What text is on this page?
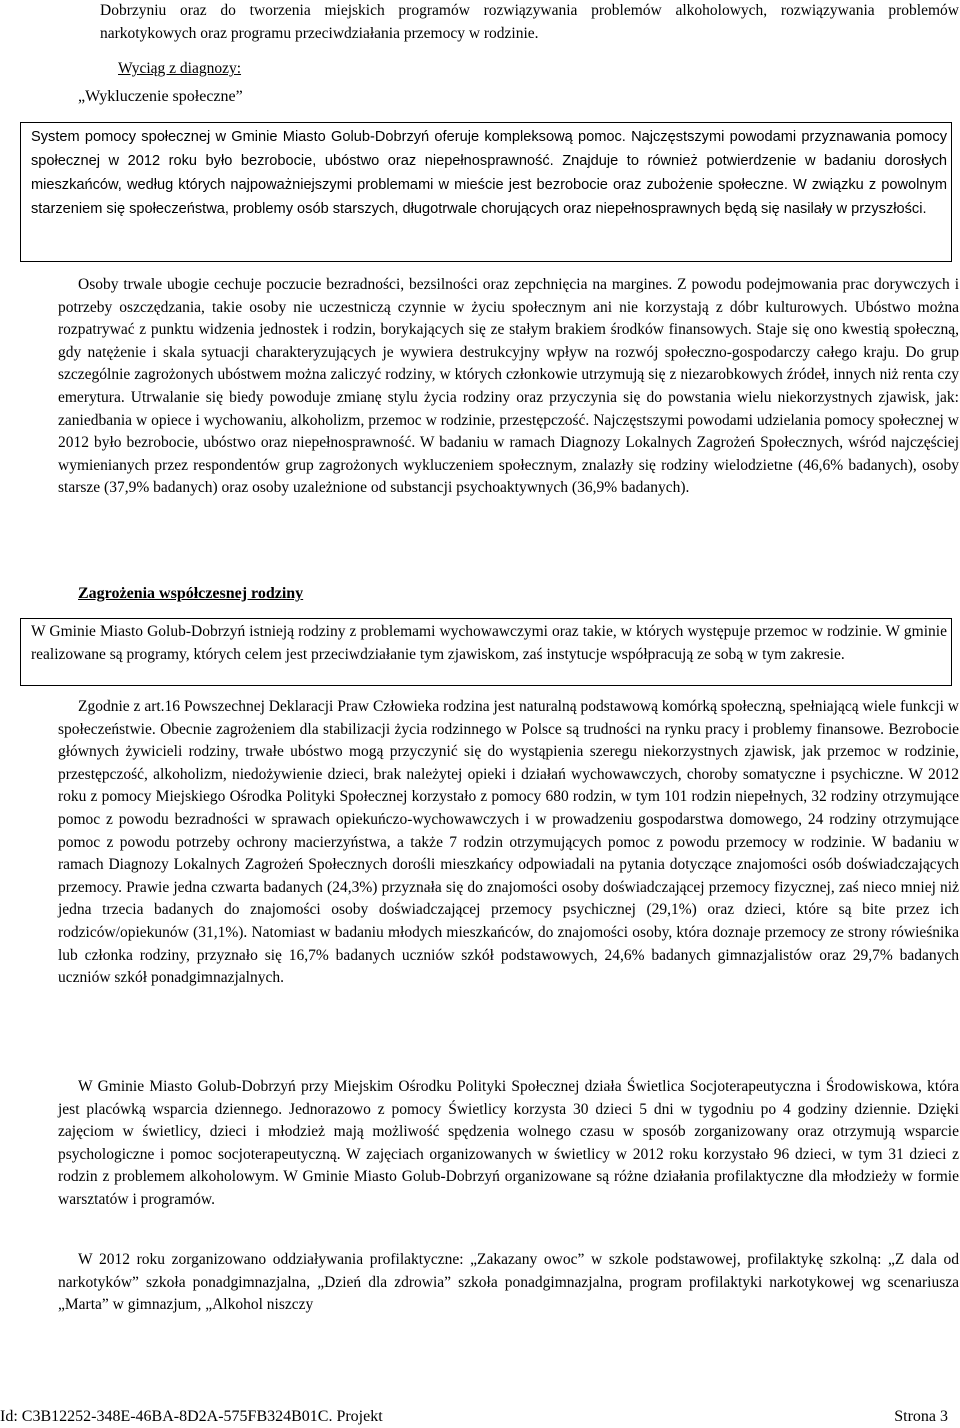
Dobrzyniu oraz do tworzenia miejskich programów rozwiązywania problemów alkoholowych, rozwiązywania problemów narkotykowych oraz programu przeciwdziałania przemocy w rodzinie.

Wyciąg z diagnozy:

„Wykluczenie społeczne”

System pomocy społecznej w Gminie Miasto Golub-Dobrzyń oferuje kompleksową pomoc. Najczęstszymi powodami przyznawania pomocy społecznej w 2012 roku było bezrobocie, ubóstwo oraz niepełnosprawność. Znajduje to również potwierdzenie w badaniu dorosłych mieszkańców, według których najpoważniejszymi problemami w mieście jest bezrobocie oraz zubożenie społeczne. W związku z powolnym starzeniem się społeczeństwa, problemy osób starszych, długotrwale chorujących oraz niepełnosprawnych będą się nasilały w przyszłości.

Osoby trwale ubogie cechuje poczucie bezradności, bezsilności oraz zepchnięcia na margines. Z powodu podejmowania prac dorywczych i potrzeby oszczędzania, takie osoby nie uczestniczą czynnie w życiu społecznym ani nie korzystają z dóbr kulturowych. Ubóstwo można rozpatrywać z punktu widzenia jednostek i rodzin, borykających się ze stałym brakiem środków finansowych. Staje się ono kwestią społeczną, gdy natężenie i skala sytuacji charakteryzujących je wywiera destrukcyjny wpływ na rozwój społeczno-gospodarczy całego kraju. Do grup szczególnie zagrożonych ubóstwem można zaliczyć rodziny, w których członkowie utrzymują się z niezarobkowych źródeł, innych niż renta czy emerytura. Utrwalanie się biedy powoduje zmianę stylu życia rodziny oraz przyczynia się do powstania wielu niekorzystnych zjawisk, jak: zaniedbania w opiece i wychowaniu, alkoholizm, przemoc w rodzinie, przestępczość. Najczęstszymi powodami udzielania pomocy społecznej w 2012 było bezrobocie, ubóstwo oraz niepełnosprawność. W badaniu w ramach Diagnozy Lokalnych Zagrożeń Społecznych, wśród najczęściej wymienianych przez respondentów grup zagrożonych wykluczeniem społecznym, znalazły się rodziny wielodzietne (46,6% badanych), osoby starsze (37,9% badanych) oraz osoby uzależnione od substancji psychoaktywnych (36,9% badanych).

Zagrożenia współczesnej rodziny

W Gminie Miasto Golub-Dobrzyń istnieją rodziny z problemami wychowawczymi oraz takie, w których występuje przemoc w rodzinie. W gminie realizowane są programy, których celem jest przeciwdziałanie tym zjawiskom, zaś instytucje współpracują ze sobą w tym zakresie.

Zgodnie z art.16 Powszechnej Deklaracji Praw Człowieka rodzina jest naturalną podstawową komórką społeczną, spełniającą wiele funkcji w społeczeństwie. Obecnie zagrożeniem dla stabilizacji życia rodzinnego w Polsce są trudności na rynku pracy i problemy finansowe. Bezrobocie głównych żywicieli rodziny, trwałe ubóstwo mogą przyczynić się do wystąpienia szeregu niekorzystnych zjawisk, jak przemoc w rodzinie, przestępczość, alkoholizm, niedożywienie dzieci, brak należytej opieki i działań wychowawczych, choroby somatyczne i psychiczne. W 2012 roku z pomocy Miejskiego Ośrodka Polityki Społecznej korzystało z pomocy 680 rodzin, w tym 101 rodzin niepełnych, 32 rodziny otrzymujące pomoc z powodu bezradności w sprawach opiekuńczo-wychowawczych i w prowadzeniu gospodarstwa domowego, 24 rodziny otrzymujące pomoc z powodu potrzeby ochrony macierzyństwa, a także 7 rodzin otrzymujących pomoc z powodu przemocy w rodzinie. W badaniu w ramach Diagnozy Lokalnych Zagrożeń Społecznych dorośli mieszkańcy odpowiadali na pytania dotyczące znajomości osób doświadczających przemocy. Prawie jedna czwarta badanych (24,3%) przyznała się do znajomości osoby doświadczającej przemocy fizycznej, zaś nieco mniej niż jedna trzecia badanych do znajomości osoby doświadczającej przemocy psychicznej (29,1%) oraz dzieci, które są bite przez ich rodziców/opiekunów (31,1%). Natomiast w badaniu młodych mieszkańców, do znajomości osoby, która doznaje przemocy ze strony rówieśnika lub członka rodziny, przyznało się 16,7% badanych uczniów szkół podstawowych, 24,6% badanych gimnazjalistów oraz 29,7% badanych uczniów szkół ponadgimnazjalnych.

W Gminie Miasto Golub-Dobrzyń przy Miejskim Ośrodku Polityki Społecznej działa Świetlica Socjoterapeutyczna i Środowiskowa, która jest placówką wsparcia dziennego. Jednorazowo z pomocy Świetlicy korzysta 30 dzieci 5 dni w tygodniu po 4 godziny dziennie. Dzięki zajęciom w świetlicy, dzieci i młodzież mają możliwość spędzenia wolnego czasu w sposób zorganizowany oraz otrzymują wsparcie psychologiczne i pomoc socjoterapeutyczną. W zajęciach organizowanych w świetlicy w 2012 roku korzystało 96 dzieci, w tym 31 dzieci z rodzin z problemem alkoholowym. W Gminie Miasto Golub-Dobrzyń organizowane są różne działania profilaktyczne dla młodzieży w formie warsztatów i programów.

W 2012 roku zorganizowano oddziaływania profilaktyczne: „Zakazany owoc” w szkole podstawowej, profilaktykę szkolną: „Z dala od narkotyków” szkoła ponadgimnazjalna, „Dzień dla zdrowia” szkoła ponadgimnazjalna, program profilaktyki narkotykowej wg scenariusza „Marta” w gimnazjum, „Alkohol niszczy

Id: C3B12252-348E-46BA-8D2A-575FB324B01C. Projekt	Strona 3
